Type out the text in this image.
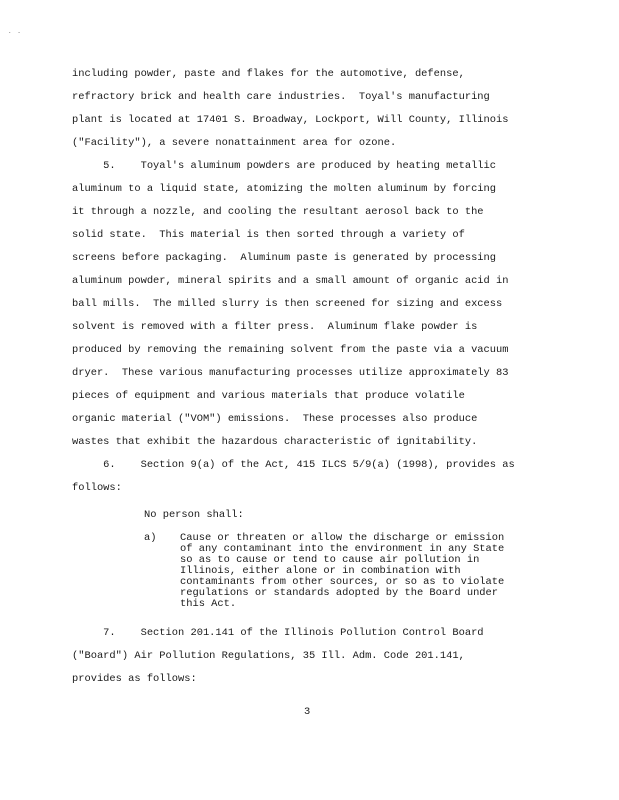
. .
including powder, paste and flakes for the automotive, defense,
refractory brick and health care industries.  Toyal's manufacturing
plant is located at 17401 S. Broadway, Lockport, Will County, Illinois
("Facility"), a severe nonattainment area for ozone.
5.    Toyal's aluminum powders are produced by heating metallic
aluminum to a liquid state, atomizing the molten aluminum by forcing
it through a nozzle, and cooling the resultant aerosol back to the
solid state.  This material is then sorted through a variety of
screens before packaging.  Aluminum paste is generated by processing
aluminum powder, mineral spirits and a small amount of organic acid in
ball mills.  The milled slurry is then screened for sizing and excess
solvent is removed with a filter press.  Aluminum flake powder is
produced by removing the remaining solvent from the paste via a vacuum
dryer.  These various manufacturing processes utilize approximately 83
pieces of equipment and various materials that produce volatile
organic material ("VOM") emissions.  These processes also produce
wastes that exhibit the hazardous characteristic of ignitability.
6.    Section 9(a) of the Act, 415 ILCS 5/9(a) (1998), provides as
follows:
No person shall:
a) Cause or threaten or allow the discharge or emission
of any contaminant into the environment in any State
so as to cause or tend to cause air pollution in
Illinois, either alone or in combination with
contaminants from other sources, or so as to violate
regulations or standards adopted by the Board under
this Act.
7.    Section 201.141 of the Illinois Pollution Control Board
("Board") Air Pollution Regulations, 35 Ill. Adm. Code 201.141,
provides as follows:
3
